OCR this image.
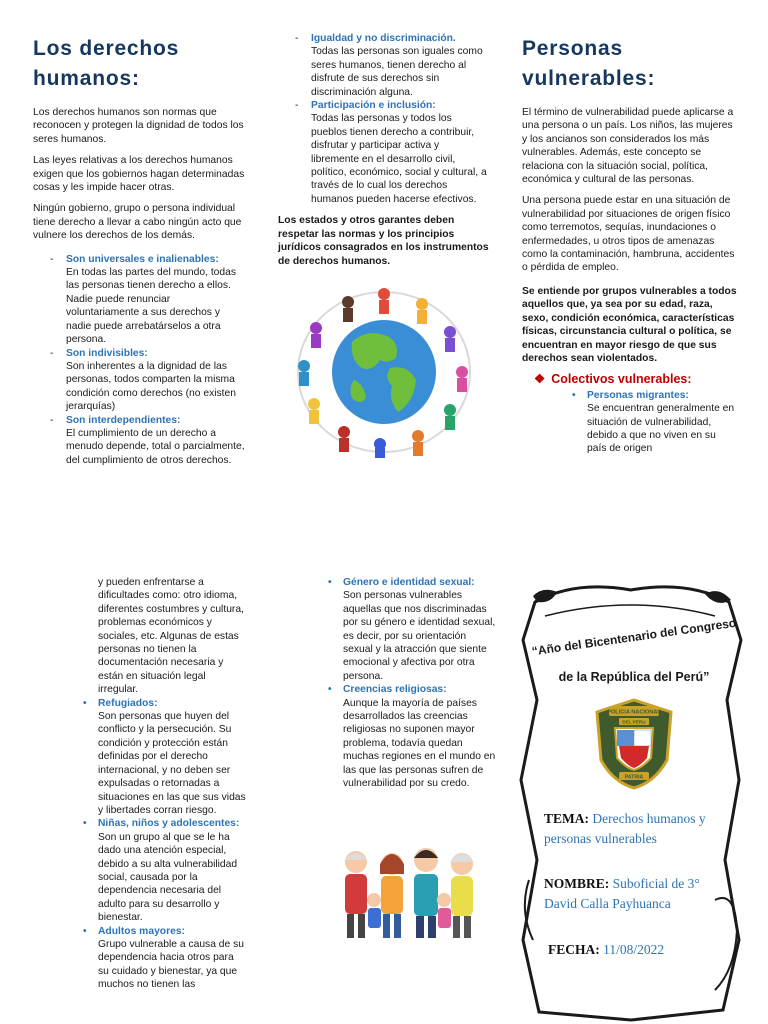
Los derechos humanos:

Los derechos humanos son normas que reconocen y protegen la dignidad de todos los seres humanos.

Las leyes relativas a los derechos humanos exigen que los gobiernos hagan determinadas cosas y les impide hacer otras.

Ningún gobierno, grupo o persona individual tiene derecho a llevar a cabo ningún acto que vulnere los derechos de los demás.

- Son universales e inalienables:
En todas las partes del mundo, todas las personas tienen derecho a ellos. Nadie puede renunciar voluntariamente a sus derechos y nadie puede arrebatárselos a otra persona.
- Son indivisibles:
Son inherentes a la dignidad de las personas, todos comparten la misma condición como derechos (no existen jerarquías)
- Son interdependientes:
El cumplimiento de un derecho a menudo depende, total o parcialmente, del cumplimiento de otros derechos.
- Igualdad y no discriminación.
Todas las personas son iguales como seres humanos, tienen derecho al disfrute de sus derechos sin discriminación alguna.
- Participación e inclusión:
Todas las personas y todos los pueblos tienen derecho a contribuir, disfrutar y participar activa y libremente en el desarrollo civil, político, económico, social y cultural, a través de lo cual los derechos humanos pueden hacerse efectivos.

Los estados y otros garantes deben respetar las normas y los principios jurídicos consagrados en los instrumentos de derechos humanos.

Personas vulnerables:

El término de vulnerabilidad puede aplicarse a una persona o un país. Los niños, las mujeres y los ancianos son considerados los más vulnerables. Además, este concepto se relaciona con la situación social, política, económica y cultural de las personas.

Una persona puede estar en una situación de vulnerabilidad por situaciones de origen físico como terremotos, sequías, inundaciones o enfermedades, u otros tipos de amenazas como la contaminación, hambruna, accidentes o pérdida de empleo.

Se entiende por grupos vulnerables a todos aquellos que, ya sea por su edad, raza, sexo, condición económica, características físicas, circunstancia cultural o política, se encuentran en mayor riesgo de que sus derechos sean violentados.

❖ Colectivos vulnerables:
• Personas migrantes:
Se encuentran generalmente en situación de vulnerabilidad, debido a que no viven en su país de origen
y pueden enfrentarse a dificultades como: otro idioma, diferentes costumbres y cultura, problemas económicos y sociales, etc. Algunas de estas personas no tienen la documentación necesaria y están en situación legal irregular.
• Refugiados:
Son personas que huyen del conflicto y la persecución. Su condición y protección están definidas por el derecho internacional, y no deben ser expulsadas o retornadas a situaciones en las que sus vidas y libertades corran riesgo.
• Niñas, niños y adolescentes:
Son un grupo al que se le ha dado una atención especial, debido a su alta vulnerabilidad social, causada por la dependencia necesaria del adulto para su desarrollo y bienestar.
• Adultos mayores:
Grupo vulnerable a causa de su dependencia hacia otros para su cuidado y bienestar, ya que muchos no tienen las
• Género e identidad sexual:
Son personas vulnerables aquellas que nos discriminadas por su género e identidad sexual, es decir, por su orientación sexual y la atracción que siente emocional y afectiva por otra persona.
• Creencias religiosas:
Aunque la mayoría de países desarrollados las creencias religiosas no suponen mayor problema, todavía quedan muchas regiones en el mundo en las que las personas sufren de vulnerabilidad por su credo.
“Año del Bicentenario del Congreso
de la República del Perú”
POLICIA NACIONAL
DEL PERU
PATRIA
TEMA: Derechos humanos y personas vulnerables
NOMBRE: Suboficial de 3° David Calla Payhuanca
FECHA: 11/08/2022
